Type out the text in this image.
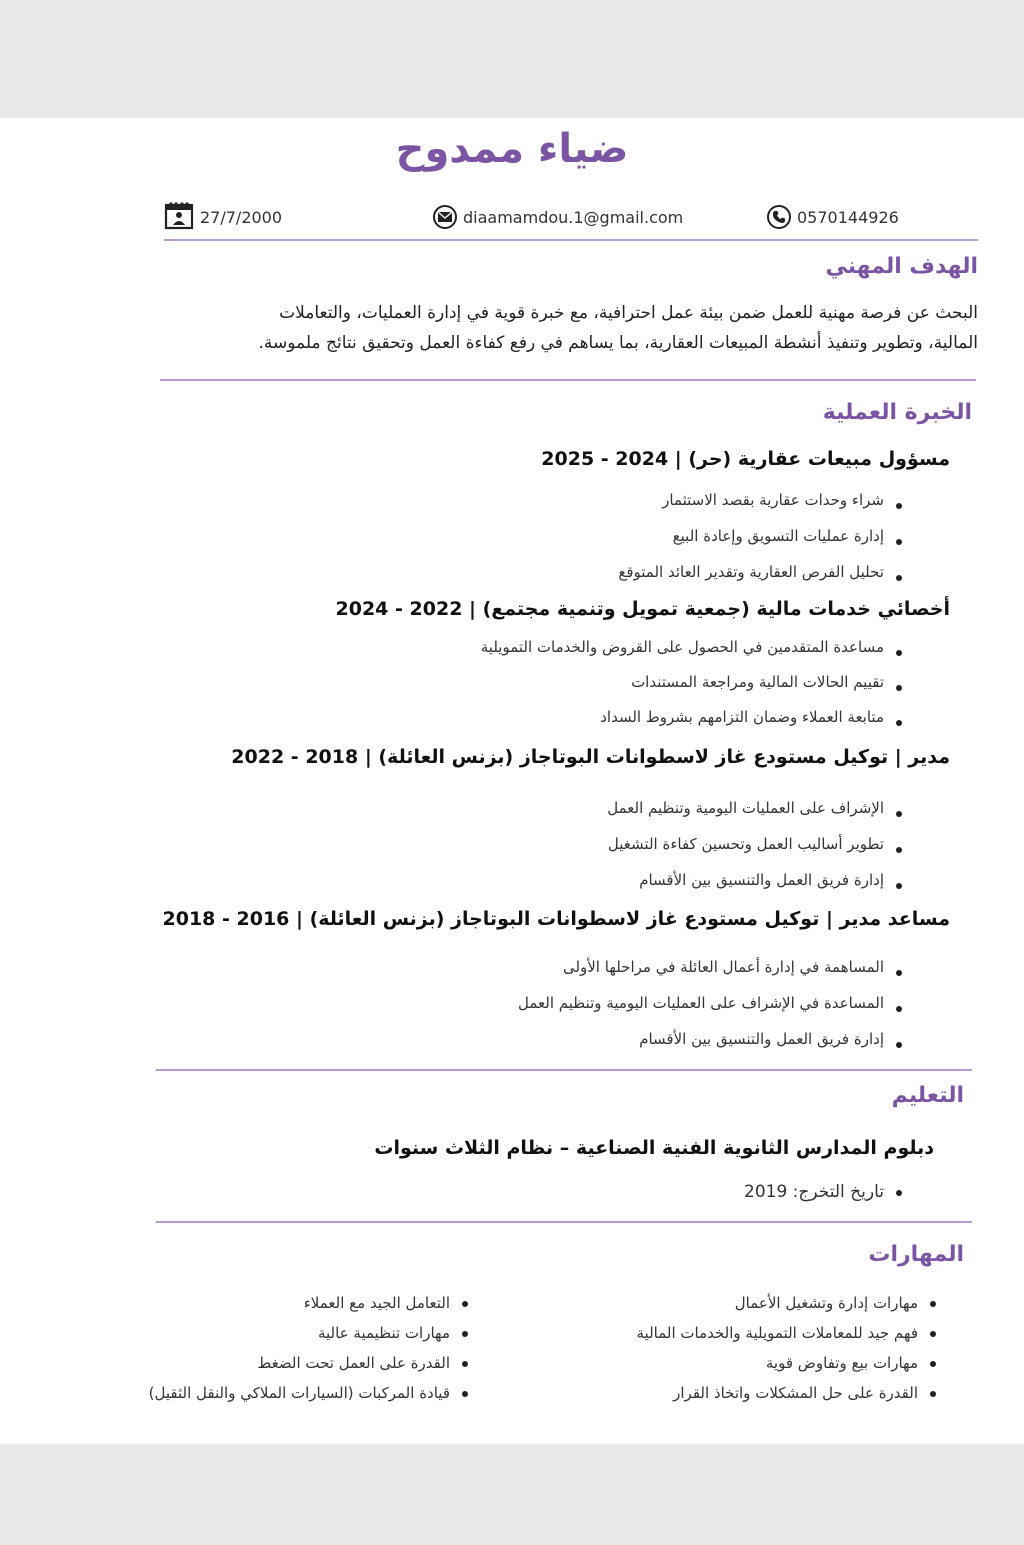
ضياء ممدوح
27/7/2000	diaamamdou.1@gmail.com	0570144926
الهدف المهني
البحث عن فرصة مهنية للعمل ضمن بيئة عمل احترافية، مع خبرة قوية في إدارة العمليات، والتعاملات
المالية، وتطوير وتنفيذ أنشطة المبيعات العقارية، بما يساهم في رفع كفاءة العمل وتحقيق نتائج ملموسة.
الخبرة العملية
مسؤول مبيعات عقارية (حر) | 2024 - 2025
شراء وحدات عقارية بقصد الاستثمار
إدارة عمليات التسويق وإعادة البيع
تحليل الفرص العقارية وتقدير العائد المتوقع
أخصائي خدمات مالية (جمعية تمويل وتنمية مجتمع) | 2022 - 2024
مساعدة المتقدمين في الحصول على القروض والخدمات التمويلية
تقييم الحالات المالية ومراجعة المستندات
متابعة العملاء وضمان التزامهم بشروط السداد
مدير | توكيل مستودع غاز لاسطوانات البوتاجاز (بزنس العائلة) | 2018 - 2022
الإشراف على العمليات اليومية وتنظيم العمل
تطوير أساليب العمل وتحسين كفاءة التشغيل
إدارة فريق العمل والتنسيق بين الأقسام
مساعد مدير | توكيل مستودع غاز لاسطوانات البوتاجاز (بزنس العائلة) | 2016 - 2018
المساهمة في إدارة أعمال العائلة في مراحلها الأولى
المساعدة في الإشراف على العمليات اليومية وتنظيم العمل
إدارة فريق العمل والتنسيق بين الأقسام
التعليم
دبلوم المدارس الثانوية الفنية الصناعية – نظام الثلاث سنوات
تاريخ التخرج: 2019
المهارات
مهارات إدارة وتشغيل الأعمال
فهم جيد للمعاملات التمويلية والخدمات المالية
مهارات بيع وتفاوض قوية
القدرة على حل المشكلات واتخاذ القرار
التعامل الجيد مع العملاء
مهارات تنظيمية عالية
القدرة على العمل تحت الضغط
قيادة المركبات (السيارات الملاكي والنقل الثقيل)
